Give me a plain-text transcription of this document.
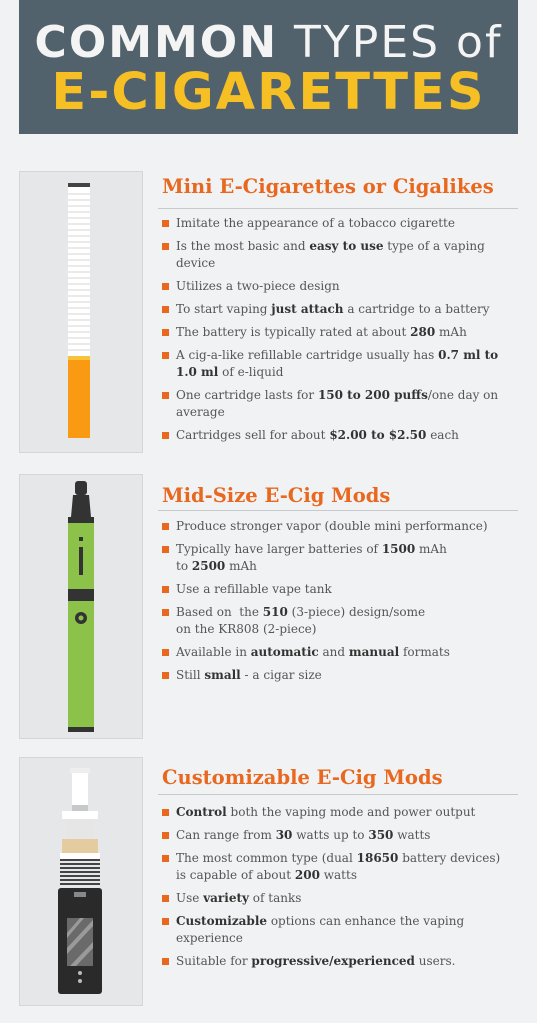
COMMON TYPES of
E-CIGARETTES
Mini E-Cigarettes or Cigalikes
Imitate the appearance of a tobacco cigarette
Is the most basic and easy to use type of a vaping device
Utilizes a two-piece design
To start vaping just attach a cartridge to a battery
The battery is typically rated at about 280 mAh
A cig-a-like refillable cartridge usually has 0.7 ml to 1.0 ml of e-liquid
One cartridge lasts for 150 to 200 puffs/one day on average
Cartridges sell for about $2.00 to $2.50 each
Mid-Size E-Cig Mods
Produce stronger vapor (double mini performance)
Typically have larger batteries of 1500 mAh
to 2500 mAh
Use a refillable vape tank
Based on  the 510 (3-piece) design/some
on the KR808 (2-piece)
Available in automatic and manual formats
Still small - a cigar size
Customizable E-Cig Mods
Control both the vaping mode and power output
Can range from 30 watts up to 350 watts
The most common type (dual 18650 battery devices) is capable of about 200 watts
Use variety of tanks
Customizable options can enhance the vaping experience
Suitable for progressive/experienced users.
